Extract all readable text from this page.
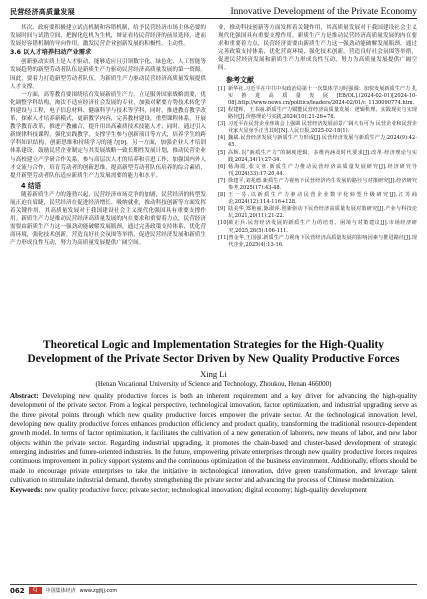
民营经济高质量发展	Innovative Development of the Private Economy

其次，政府要积极建立试点机制和容错机制，给予民营经济市场主体必要的发展时间与试错空间，把握化危机为生机，辩证看待民营经济的前景选择，进而发展好容错机制的导向作用，激发民营企业创新发展的积极性、主动性。

3.6 以人才培养扫动产业需求

创新驱动实质上是人才驱动，能够适应且引领数字化、绿色化、人工智能等发展趋势的新型劳动者队伍是新质生产力驱动民营经济高质量发展的第一资源。因此，要着力打造新型劳动者队伍，为新质生产力驱动民营经济高质量发展提供人才支撑。

一方面，高等教育要围绕培育发展新质生产力，立足服务国家战略需要，优化调整学科结构，淘汰不适应经济社会发展的专业，加强对紧要方势技术转化学科建设与工程，电子信息材料、健康科学与技术等学科，同时，推进教育教学改革，探索人才培养新模式，更新教学内容，完善教材建设，重塑课程体系，开展教学教育改革，推进产教融合，提升用出高素质技术技能人才；同时，通过引入新规律科技课程，强化实践教学，支撑学生参与创新项目等方式，培养学生的跨学科知识结构，创新思维和持续学习的能力[9]。另一方面，加强企业人才培训体系建设，鼓励民营企业制定与其发展战略一致长期性发展计划，推动民营企业与高校建立产学研合作关系，参与高层次人才的培养和引进工作，加强国内外人才交流与合作，培育劳动者的创新思维，提高新型劳动者队伍培养的综合素质，提升新型劳动者队伍适应新质生产力发展需要的能力和水平。

4 结语

随着新质生产力的蓬勃兴起，民营经济市场竞争的加剧，民营经济的转型发展正迫在眉睫，民营经济在促进经济增长、吸纳就业，推动科技创新等方面发挥着关键作用，其高质量发展对于我国建设社会主义现代化强国具有重要支撑作用。新质生产力是推动民营经济高质量发展的内在要求和重要着力点，民营经济需要由新质生产力这一强劲动能破解发展瓶颈，通过完善政策支持体系，优化营商环境，强化技术创新，营造良好社会氛围等举措，促进民营经济发展和新质生产力形成良性互动，努力为高质量发展提供广阔空间。

业，推动科技创新等方面发挥着关键作用，其高质量发展对于我国建设社会主义现代化强国具有重要支撑作用。新质生产力是推动民营经济高质量发展的内在要求和重要着力点，民营经济需要由新质生产力这一强劲动能破解发展瓶颈，通过完善政策支持体系，优化营商环境，强化技术创新，营造良好社会氛围等举措，促进民营经济发展和新质生产力形成良性互动，努力为高质量发展提供广阔空间。

参考文献
[1] 新华社.习近平在中共中央政治局第十一次集体学习时强调：加快发展新质生产力 扎实推进高质量发展[EB/OL].(2024-02-01)[2024-10-08].http://www.news.cn/politics/leaders/2024-02/01/c_1130090774.htm.
[2] 程建辉，王书丽.新质生产力赋能民营经济高质量发展：逻辑机理、实践现实与实现路径[J].价格理论与实践,2024(10):21-26+78.
[3] 习近平在民营企业座谈会上强调 民营经济发展前景广阔大有可为 民营企业和民营企业家大显身手正当其时[N].人民日报,2025-02-18(1).
[4] 魏斌.民营经济发展与新质生产力形成[J].民营经济发展与新质生产力,2024(9):42-45.
[5] 高辉.以“新质生产力”的制度逻辑，多维内涵及时代要求[J].改革·经济理论与实践,2024,34(1):27-34.
[6] 杨海霞,张文亚.新质生产力推动民营经济高质量发展研究[J].经济研究导刊,2024(33):17-20,44.
[7] 徐建平,刘兆德.新质生产力视角下民营经济内生发展的路径与对策研究[J].经济研究参考,2025(17):43-48.
[8] 王一芬.以新质生产力驱动民营企业数字化转型升级研究[J].江苏商论,2024(12):114-116+128.
[9] 陆美华,郑艳丽,陈淑萍.创新驱动下民营经济高质量发展对策研究[J].产业与科技论坛,2021,20(11):21-22.
[10] 欧正兵.民营经济发展的新质生产力的培育、困境与对策建议[J].市场经济研究,2025,26(5):106-111.
[11] 曾金华,王国强.新质生产力视角下民营经济高质量发展的影响因素与推进路径[J].现代企业,2025(4):13-16.
Theoretical Logic and Implementation Strategies for the High-Quality Development of the Private Sector Driven by New Quality Productive Forces
Xing Li
(Henan Vocational University of Science and Technology, Zhoukou, Henan 466000)
Abstract: Developing new quality productive forces is both an inherent requirement and a key driver for advancing the high-quality development of the private sector. From a logical perspective, technological innovation, factor optimization, and industrial upgrading serve as the three pivotal points through which new quality productive forces empower the private sector. At the technological innovation level, developing new quality productive forces enhances production efficiency and product quality, transforming the traditional resource-dependent growth model. In terms of factor optimization, it facilitates the cultivation of a new generation of laborers, new means of labor, and new labor objects within the private sector. Regarding industrial upgrading, it promotes the chain-based and cluster-based development of strategic emerging industries and future-oriented industries. In the future, empowering private enterprises through new quality productive forces requires continuous improvement in policy support systems and the continuous optimization of the business environment. Additionally, efforts should be made to encourage private enterprises to take the initiative in technological innovation, drive green transformation, and leverage talent cultivation to stimulate industrial demand, thereby strengthening the private sector and advancing the process of Chinese modernization.
Keywords: new quality productive force; private sector; technological innovation; digital economy; high-quality development
062	CJ	中国集体经济 www.zgjtjj.com
